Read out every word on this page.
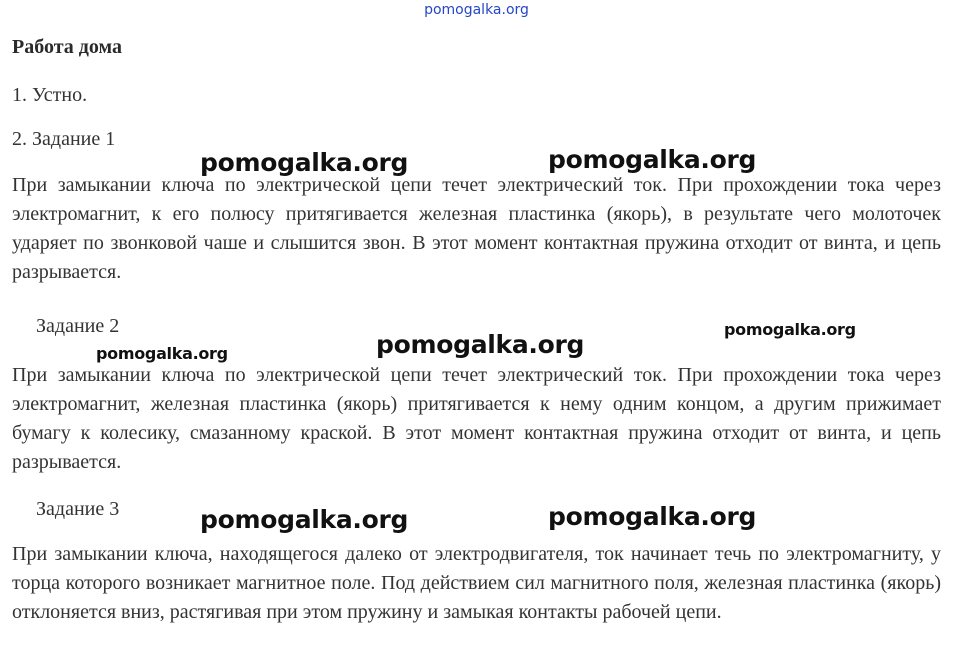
pomogalka.org
Работа дома
1. Устно.
2. Задание 1
При замыкании ключа по электрической цепи течет электрический ток. При прохождении тока через электромагнит, к его полюсу притягивается железная пластинка (якорь), в результате чего молоточек ударяет по звонковой чаше и слышится звон. В этот момент контактная пружина отходит от винта, и цепь разрывается.
Задание 2
При замыкании ключа по электрической цепи течет электрический ток. При прохождении тока через электромагнит, железная пластинка (якорь) притягивается к нему одним концом, а другим прижимает бумагу к колесику, смазанному краской. В этот момент контактная пружина отходит от винта, и цепь разрывается.
Задание 3
При замыкании ключа, находящегося далеко от электродвигателя, ток начинает течь по электромагниту, у торца которого возникает магнитное поле. Под действием сил магнитного поля, железная пластинка (якорь) отклоняется вниз, растягивая при этом пружину и замыкая контакты рабочей цепи.
pomogalka.org	pomogalka.org
pomogalka.org
pomogalka.org
pomogalka.org
pomogalka.org	pomogalka.org
